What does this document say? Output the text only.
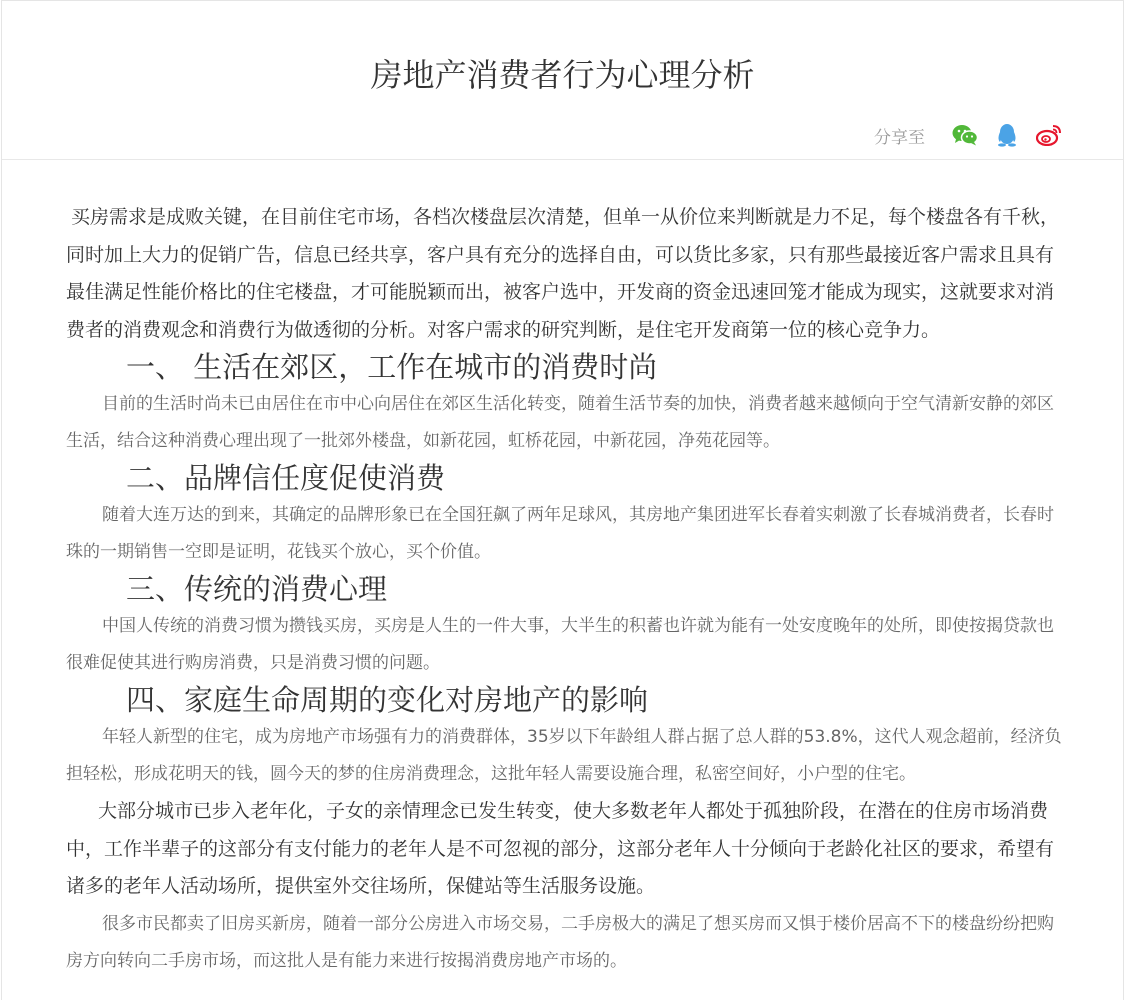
房地产消费者行为心理分析
分享至

买房需求是成败关键，在目前住宅市场，各档次楼盘层次清楚，但单一从价位来判断就是力不足，每个楼盘各有千秋，同时加上大力的促销广告，信息已经共享，客户具有充分的选择自由，可以货比多家，只有那些最接近客户需求且具有最佳满足性能价格比的住宅楼盘，才可能脱颖而出，被客户选中，开发商的资金迅速回笼才能成为现实，这就要求对消费者的消费观念和消费行为做透彻的分析。对客户需求的研究判断，是住宅开发商第一位的核心竞争力。

一、 生活在郊区，工作在城市的消费时尚

目前的生活时尚未已由居住在市中心向居住在郊区生活化转变，随着生活节奏的加快，消费者越来越倾向于空气清新安静的郊区生活，结合这种消费心理出现了一批郊外楼盘，如新花园，虹桥花园，中新花园，净苑花园等。

二、品牌信任度促使消费

随着大连万达的到来，其确定的品牌形象已在全国狂飙了两年足球风，其房地产集团进军长春着实刺激了长春城消费者，长春时珠的一期销售一空即是证明，花钱买个放心，买个价值。

三、传统的消费心理

中国人传统的消费习惯为攒钱买房，买房是人生的一件大事，大半生的积蓄也许就为能有一处安度晚年的处所，即使按揭贷款也很难促使其进行购房消费，只是消费习惯的问题。

四、家庭生命周期的变化对房地产的影响

年轻人新型的住宅，成为房地产市场强有力的消费群体，35岁以下年龄组人群占据了总人群的53.8%，这代人观念超前，经济负担轻松，形成花明天的钱，圆今天的梦的住房消费理念，这批年轻人需要设施合理，私密空间好，小户型的住宅。

大部分城市已步入老年化，子女的亲情理念已发生转变，使大多数老年人都处于孤独阶段，在潜在的住房市场消费中，工作半辈子的这部分有支付能力的老年人是不可忽视的部分，这部分老年人十分倾向于老龄化社区的要求，希望有诸多的老年人活动场所，提供室外交往场所，保健站等生活服务设施。

很多市民都卖了旧房买新房，随着一部分公房进入市场交易，二手房极大的满足了想买房而又惧于楼价居高不下的楼盘纷纷把购房方向转向二手房市场，而这批人是有能力来进行按揭消费房地产市场的。
